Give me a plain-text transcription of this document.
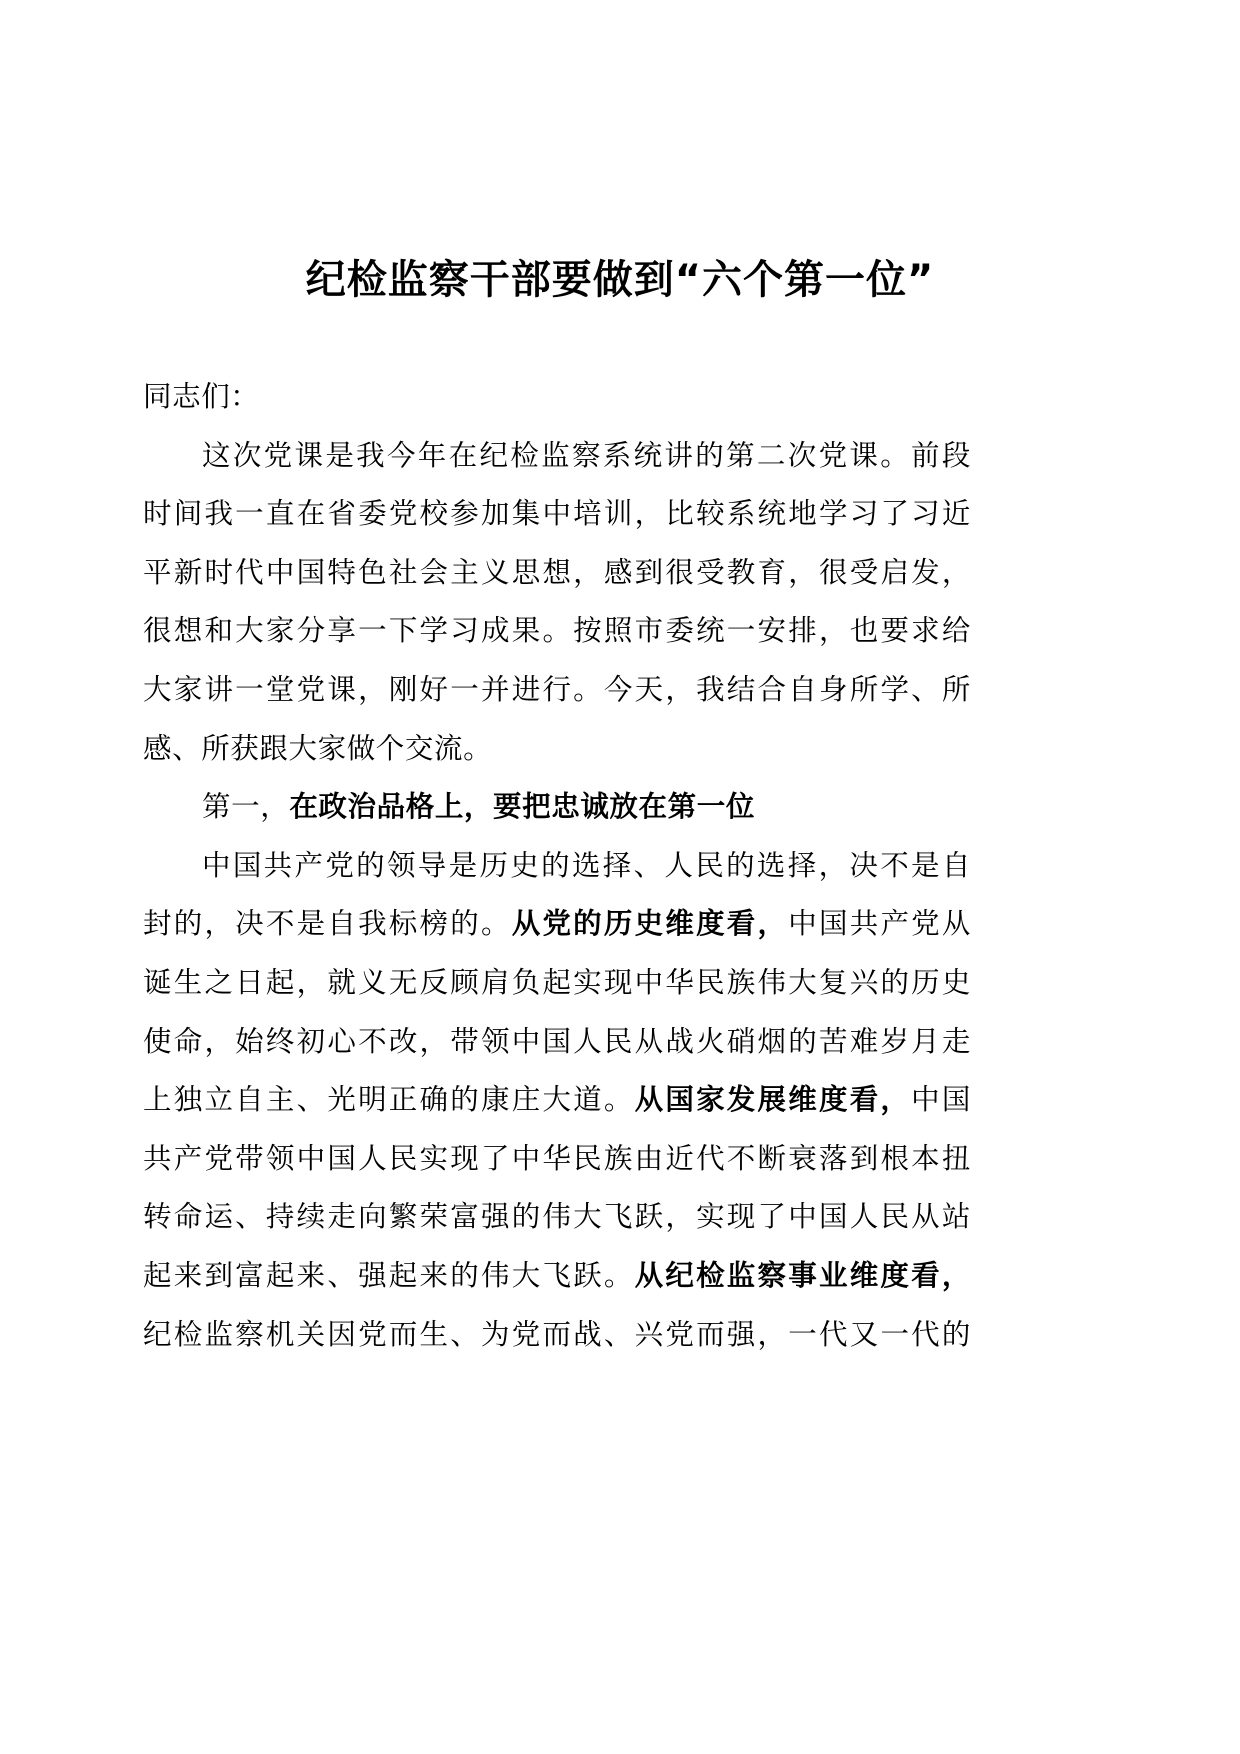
纪检监察干部要做到“六个第一位”
同志们：
这次党课是我今年在纪检监察系统讲的第二次党课。前段
时间我一直在省委党校参加集中培训，比较系统地学习了习近
平新时代中国特色社会主义思想，感到很受教育，很受启发，
很想和大家分享一下学习成果。按照市委统一安排，也要求给
大家讲一堂党课，刚好一并进行。今天，我结合自身所学、所
感、所获跟大家做个交流。
第一，在政治品格上，要把忠诚放在第一位
中国共产党的领导是历史的选择、人民的选择，决不是自
封的，决不是自我标榜的。从党的历史维度看，中国共产党从
诞生之日起，就义无反顾肩负起实现中华民族伟大复兴的历史
使命，始终初心不改，带领中国人民从战火硝烟的苦难岁月走
上独立自主、光明正确的康庄大道。从国家发展维度看，中国
共产党带领中国人民实现了中华民族由近代不断衰落到根本扭
转命运、持续走向繁荣富强的伟大飞跃，实现了中国人民从站
起来到富起来、强起来的伟大飞跃。从纪检监察事业维度看，
纪检监察机关因党而生、为党而战、兴党而强，一代又一代的
